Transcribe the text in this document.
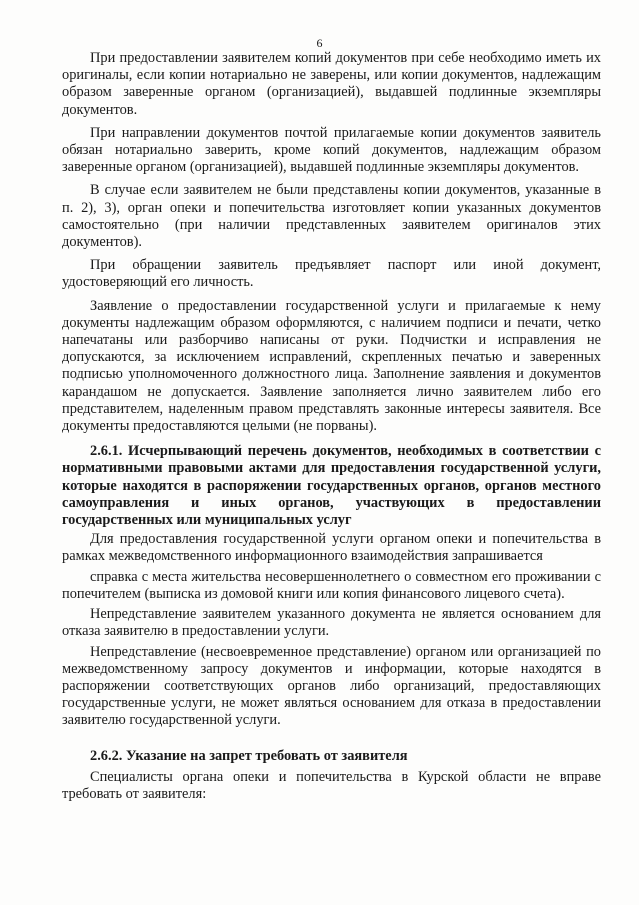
6

При предоставлении заявителем копий документов при себе необходимо иметь их оригиналы, если копии нотариально не заверены, или копии документов, надлежащим образом заверенные органом (организацией), выдавшей подлинные экземпляры документов.

При направлении документов почтой прилагаемые копии документов заявитель обязан нотариально заверить, кроме копий документов, надлежащим образом заверенные органом (организацией), выдавшей подлинные экземпляры документов.

В случае если заявителем не были представлены копии документов, указанные в п. 2), 3), орган опеки и попечительства изготовляет копии указанных документов самостоятельно (при наличии представленных заявителем оригиналов этих документов).

При обращении заявитель предъявляет паспорт или иной документ, удостоверяющий его личность.

Заявление о предоставлении государственной услуги и прилагаемые к нему документы надлежащим образом оформляются, с наличием подписи и печати, четко напечатаны или разборчиво написаны от руки. Подчистки и исправления не допускаются, за исключением исправлений, скрепленных печатью и заверенных подписью уполномоченного должностного лица. Заполнение заявления и документов карандашом не допускается. Заявление заполняется лично заявителем либо его представителем, наделенным правом представлять законные интересы заявителя. Все документы предоставляются целыми (не порваны).

2.6.1. Исчерпывающий перечень документов, необходимых в соответствии с нормативными правовыми актами для предоставления государственной услуги, которые находятся в распоряжении государственных органов, органов местного самоуправления и иных органов, участвующих в предоставлении государственных или муниципальных услуг

Для предоставления государственной услуги органом опеки и попечительства в рамках межведомственного информационного взаимодействия запрашивается

справка с места жительства несовершеннолетнего о совместном его проживании с попечителем (выписка из домовой книги или копия финансового лицевого счета).

Непредставление заявителем указанного документа не является основанием для отказа заявителю в предоставлении услуги.

Непредставление (несвоевременное представление) органом или организацией по межведомственному запросу документов и информации, которые находятся в распоряжении соответствующих органов либо организаций, предоставляющих государственные услуги, не может являться основанием для отказа в предоставлении заявителю государственной услуги.

2.6.2. Указание на запрет требовать от заявителя

Специалисты органа опеки и попечительства в Курской области не вправе требовать от заявителя:
